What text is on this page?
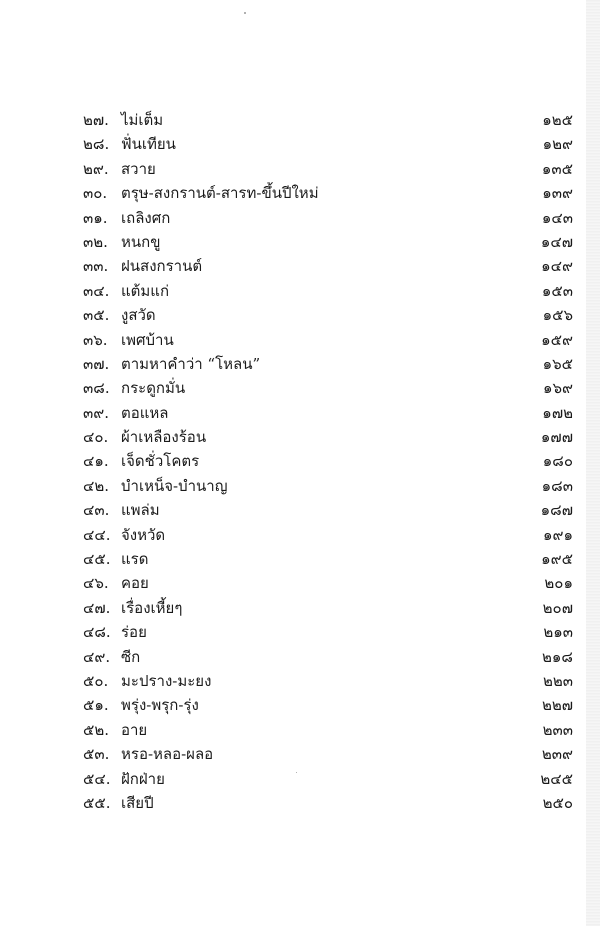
๒๗. ไม่เต็ม	๑๒๕
๒๘. ฟั่นเทียน	๑๒๙
๒๙. สวาย	๑๓๕
๓๐. ตรุษ-สงกรานต์-สารท-ขึ้นปีใหม่	๑๓๙
๓๑. เถลิงศก	๑๔๓
๓๒. หนกขู	๑๔๗
๓๓. ฝนสงกรานต์	๑๔๙
๓๔. แต้มแก่	๑๕๓
๓๕. งูสวัด	๑๕๖
๓๖. เพศบ้าน	๑๕๙
๓๗. ตามหาคำว่า “โหลน”	๑๖๕
๓๘. กระดูกมั่น	๑๖๙
๓๙. ตอแหล	๑๗๒
๔๐. ผ้าเหลืองร้อน	๑๗๗
๔๑. เจ็ดชั่วโคตร	๑๘๐
๔๒. บำเหน็จ-บำนาญ	๑๘๓
๔๓. แพล่ม	๑๘๗
๔๔. จังหวัด	๑๙๑
๔๕. แรด	๑๙๕
๔๖. คอย	๒๐๑
๔๗. เรื่องเหี้ยๆ	๒๐๗
๔๘. ร่อย	๒๑๓
๔๙. ซีก	๒๑๘
๕๐. มะปราง-มะยง	๒๒๓
๕๑. พรุ่ง-พรุก-รุ่ง	๒๒๗
๕๒. อาย	๒๓๓
๕๓. หรอ-หลอ-ผลอ	๒๓๙
๕๔. ฝักฝ่าย	๒๔๕
๕๕. เสียปี	๒๕๐
